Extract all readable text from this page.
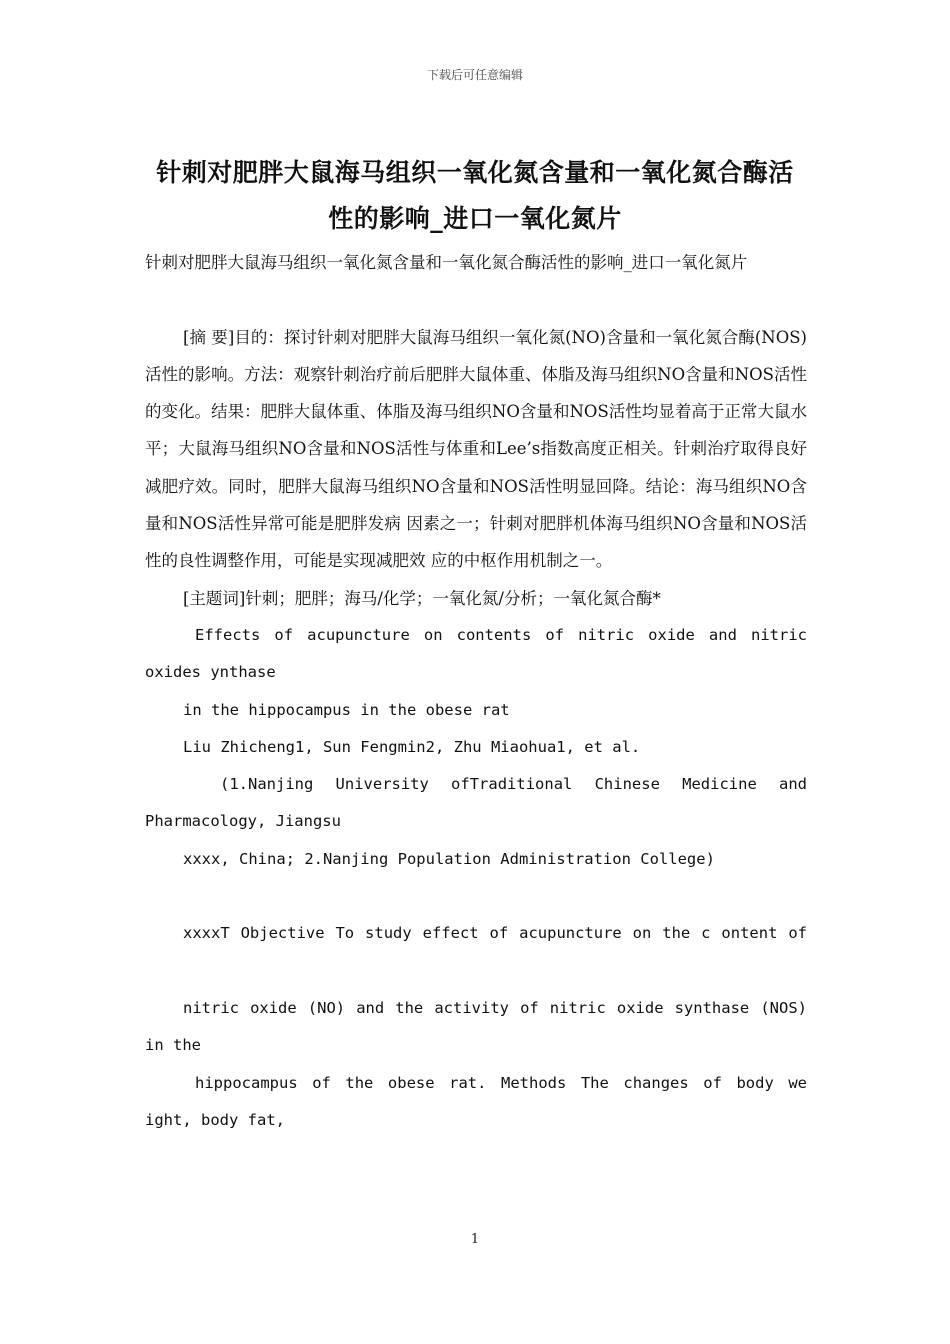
下载后可任意编辑
针刺对肥胖大鼠海马组织一氧化氮含量和一氧化氮合酶活
性的影响_进口一氧化氮片

针刺对肥胖大鼠海马组织一氧化氮含量和一氧化氮合酶活性的影响_进口一氧化氮片

[摘 要]目的：探讨针刺对肥胖大鼠海马组织一氧化氮(NO)含量和一氧化氮合酶(NOS)活性的影响。方法：观察针刺治疗前后肥胖大鼠体重、体脂及海马组织NO含量和NOS活性的变化。结果：肥胖大鼠体重、体脂及海马组织NO含量和NOS活性均显着高于正常大鼠水平；大鼠海马组织NO含量和NOS活性与体重和Lee’s指数高度正相关。针刺治疗取得良好减肥疗效。同时，肥胖大鼠海马组织NO含量和NOS活性明显回降。结论：海马组织NO含量和NOS活性异常可能是肥胖发病 因素之一；针刺对肥胖机体海马组织NO含量和NOS活性的良性调整作用，可能是实现减肥效 应的中枢作用机制之一。

[主题词]针刺；肥胖；海马/化学；一氧化氮/分析；一氧化氮合酶*

Effects of acupuncture on contents of nitric oxide and nitric

oxides ynthase

in the hippocampus in the obese rat

Liu Zhicheng1, Sun Fengmin2, Zhu Miaohua1, et al.

(1.Nanjing University ofTraditional Chinese Medicine and

Pharmacology, Jiangsu

xxxx, China; 2.Nanjing Population Administration College)

xxxxT Objective To study effect of acupuncture on the c ontent of

nitric oxide (NO) and the activity of nitric oxide synthase (NOS)

in the

hippocampus of the obese rat. Methods The changes of body we

ight, body fat,

1
